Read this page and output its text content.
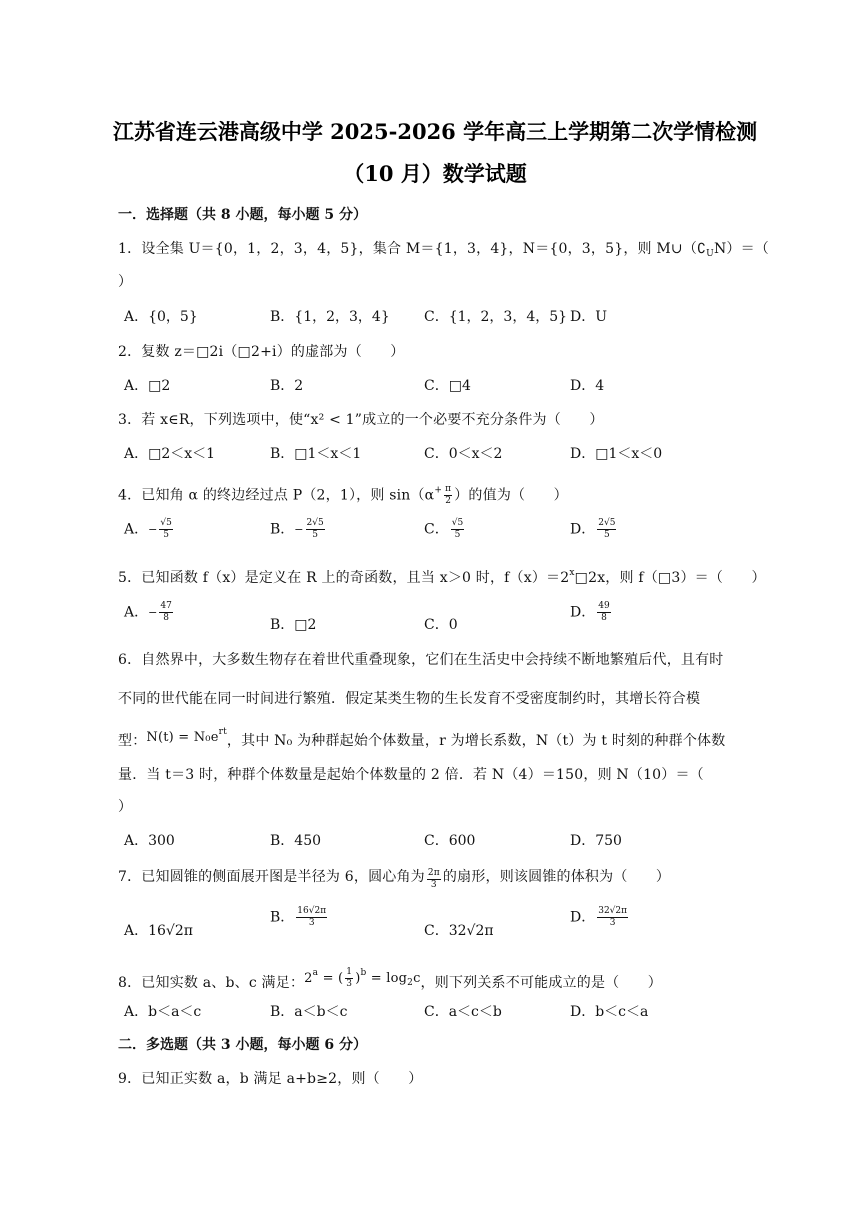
江苏省连云港高级中学 2025-2026 学年高三上学期第二次学情检测
（10 月）数学试题
一．选择题（共 8 小题，每小题 5 分）
1．设全集 U＝{0，1，2，3，4，5}，集合 M＝{1，3，4}，N＝{0，3，5}，则 $M\cup(∁_UN)=$（
）
A．{0，5}	B．{1，2，3，4} C．{1，2，3，4，5} D．U
2．复数 z＝□2i（□2+i）的虚部为（　　）
A．□2	B．2	C．□4	D．4
3．若 x∈R，下列选项中，使“x² < 1”成立的一个必要不充分条件为（　　）
A．□2＜x＜1	B．□1＜x＜1	C．0＜x＜2	D．□1＜x＜0
4．已知角 α 的终边经过点 P（2，1），则 $\sin(\alpha^+ \frac{\pi}{2}$ ）的值为（　　）
A．− $\frac{√5}{5}$	B．− $\frac{2√5}{5}$	C． $\frac{√5}{5}$	D． $\frac{2√5}{5}$
5．已知函数 f（x）是定义在 R 上的奇函数，且当 x＞0 时，$f(x)=2^x□2x$，则 f（□3）＝（　　）
A．− $\frac{47}{8}$
B．□2	C．0
D． $\frac{49}{8}$
6．自然界中，大多数生物存在着世代重叠现象，它们在生活史中会持续不断地繁殖后代，且有时
不同的世代能在同一时间进行繁殖．假定某类生物的生长发育不受密度制约时，其增长符合模
型：$N(t) = N_0e^{rt}$，其中 N₀ 为种群起始个体数量，r 为增长系数，N（t）为 t 时刻的种群个体数
量．当 t＝3 时，种群个体数量是起始个体数量的 2 倍．若 N（4）＝150，则 N（10）＝（
）
A．300	B．450	C．600	D．750
7．已知圆锥的侧面展开图是半径为 6，圆心角为 $\frac{2\pi}{3}$ 的扇形，则该圆锥的体积为（　　）
A．16√2π
B． $\frac{16√2\pi}{3}$
C．32√2π
D． $\frac{32√2\pi}{3}$
8．已知实数 a、b、c 满足：$2^a$ = ( $\frac{1}{3} )^b = \log_2c$，则下列关系不可能成立的是（　　）
A．b＜a＜c	B．a＜b＜c	C．a＜c＜b	D．b＜c＜a
二．多选题（共 3 小题，每小题 6 分）
9．已知正实数 a，b 满足 a+b≥2，则（　　）
